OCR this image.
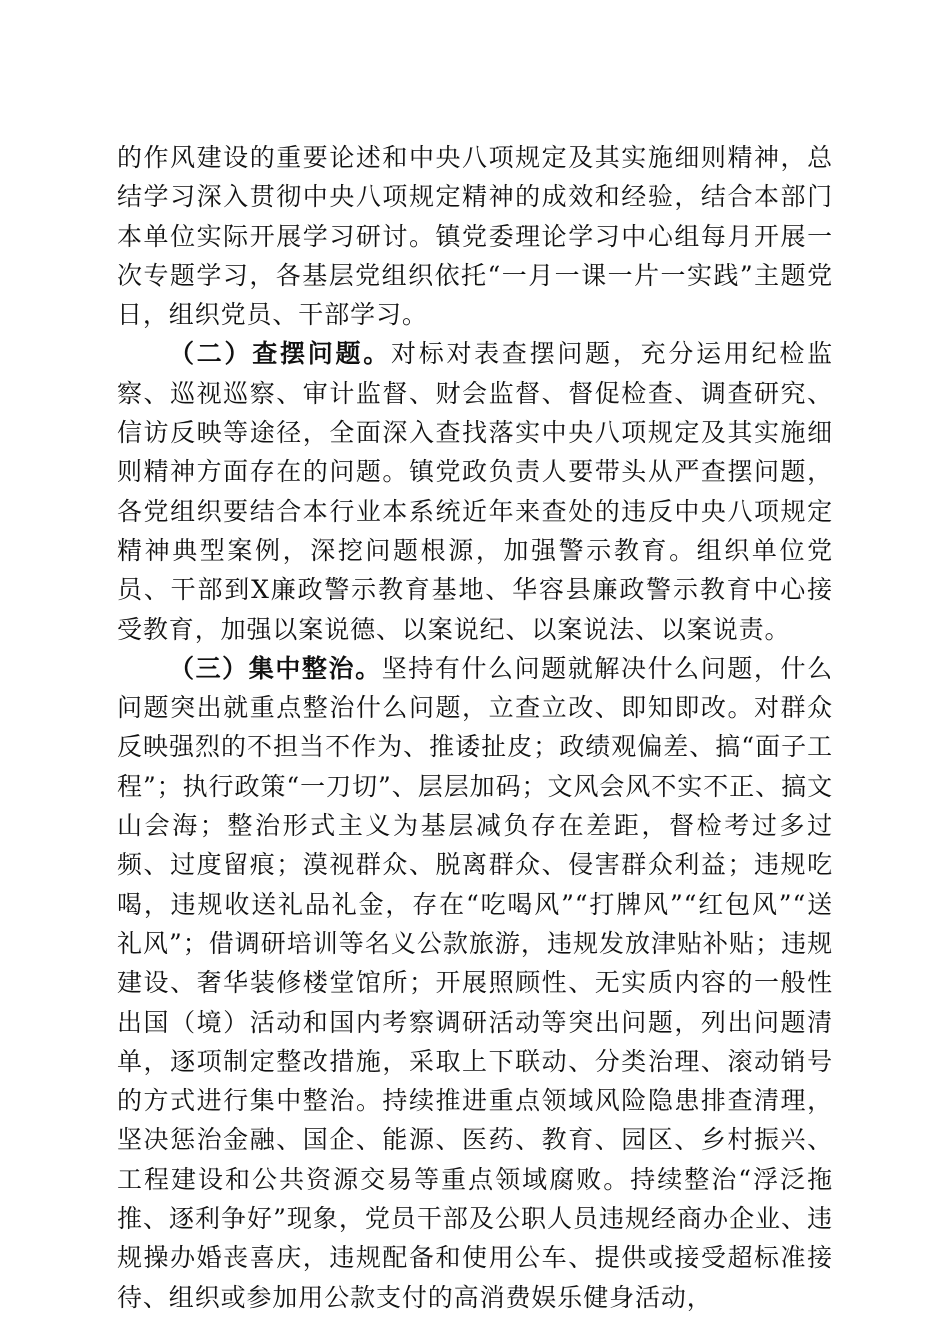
的作风建设的重要论述和中央八项规定及其实施细则精神，总结学习深入贯彻中央八项规定精神的成效和经验，结合本部门本单位实际开展学习研讨。镇党委理论学习中心组每月开展一次专题学习，各基层党组织依托“一月一课一片一实践”主题党日，组织党员、干部学习。

（二）查摆问题。对标对表查摆问题，充分运用纪检监察、巡视巡察、审计监督、财会监督、督促检查、调查研究、信访反映等途径，全面深入查找落实中央八项规定及其实施细则精神方面存在的问题。镇党政负责人要带头从严查摆问题，各党组织要结合本行业本系统近年来查处的违反中央八项规定精神典型案例，深挖问题根源，加强警示教育。组织单位党员、干部到X廉政警示教育基地、华容县廉政警示教育中心接受教育，加强以案说德、以案说纪、以案说法、以案说责。

（三）集中整治。坚持有什么问题就解决什么问题，什么问题突出就重点整治什么问题，立查立改、即知即改。对群众反映强烈的不担当不作为、推诿扯皮；政绩观偏差、搞“面子工程”；执行政策“一刀切”、层层加码；文风会风不实不正、搞文山会海；整治形式主义为基层减负存在差距，督检考过多过频、过度留痕；漠视群众、脱离群众、侵害群众利益；违规吃喝，违规收送礼品礼金，存在“吃喝风”“打牌风”“红包风”“送礼风”；借调研培训等名义公款旅游，违规发放津贴补贴；违规建设、奢华装修楼堂馆所；开展照顾性、无实质内容的一般性出国（境）活动和国内考察调研活动等突出问题，列出问题清单，逐项制定整改措施，采取上下联动、分类治理、滚动销号的方式进行集中整治。持续推进重点领域风险隐患排查清理，坚决惩治金融、国企、能源、医药、教育、园区、乡村振兴、工程建设和公共资源交易等重点领域腐败。持续整治“浮泛拖推、逐利争好”现象，党员干部及公职人员违规经商办企业、违规操办婚丧喜庆，违规配备和使用公车、提供或接受超标准接待、组织或参加用公款支付的高消费娱乐健身活动，
